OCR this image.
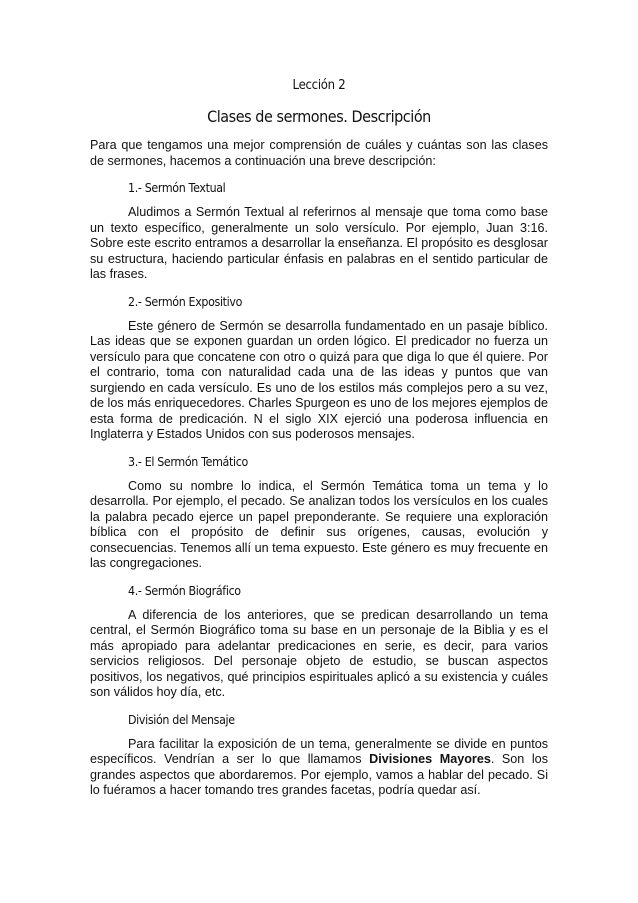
Lección 2
Clases de sermones. Descripción

Para que tengamos una mejor comprensión de cuáles y cuántas son las clases de sermones, hacemos a continuación una breve descripción:

1.- Sermón Textual

Aludimos a Sermón Textual al referirnos al mensaje que toma como base un texto específico, generalmente un solo versículo. Por ejemplo, Juan 3:16. Sobre este escrito entramos a desarrollar la enseñanza. El propósito es desglosar su estructura, haciendo particular énfasis en palabras en el sentido particular de las frases.

2.- Sermón Expositivo

Este género de Sermón se desarrolla fundamentado en un pasaje bíblico. Las ideas que se exponen guardan un orden lógico. El predicador no fuerza un versículo para que concatene con otro o quizá para que diga lo que él quiere. Por el contrario, toma con naturalidad cada una de las ideas y puntos que van surgiendo en cada versículo. Es uno de los estilos más complejos pero a su vez, de los más enriquecedores. Charles Spurgeon es uno de los mejores ejemplos de esta forma de predicación. N el siglo XIX ejerció una poderosa influencia en Inglaterra y Estados Unidos con sus poderosos mensajes.

3.- El Sermón Temático

Como su nombre lo indica, el Sermón Temática toma un tema y lo desarrolla. Por ejemplo, el pecado. Se analizan todos los versículos en los cuales la palabra pecado ejerce un papel preponderante. Se requiere una exploración bíblica con el propósito de definir sus orígenes, causas, evolución y consecuencias. Tenemos allí un tema expuesto. Este género es muy frecuente en las congregaciones.

4.- Sermón Biográfico

A diferencia de los anteriores, que se predican desarrollando un tema central, el Sermón Biográfico toma su base en un personaje de la Biblia y es el más apropiado para adelantar predicaciones en serie, es decir, para varios servicios religiosos. Del personaje objeto de estudio, se buscan aspectos positivos, los negativos, qué principios espirituales aplicó a su existencia y cuáles son válidos hoy día, etc.

División del Mensaje

Para facilitar la exposición de un tema, generalmente se divide en puntos específicos. Vendrían a ser lo que llamamos Divisiones Mayores. Son los grandes aspectos que abordaremos. Por ejemplo, vamos a hablar del pecado. Si lo fuéramos a hacer tomando tres grandes facetas, podría quedar así.
